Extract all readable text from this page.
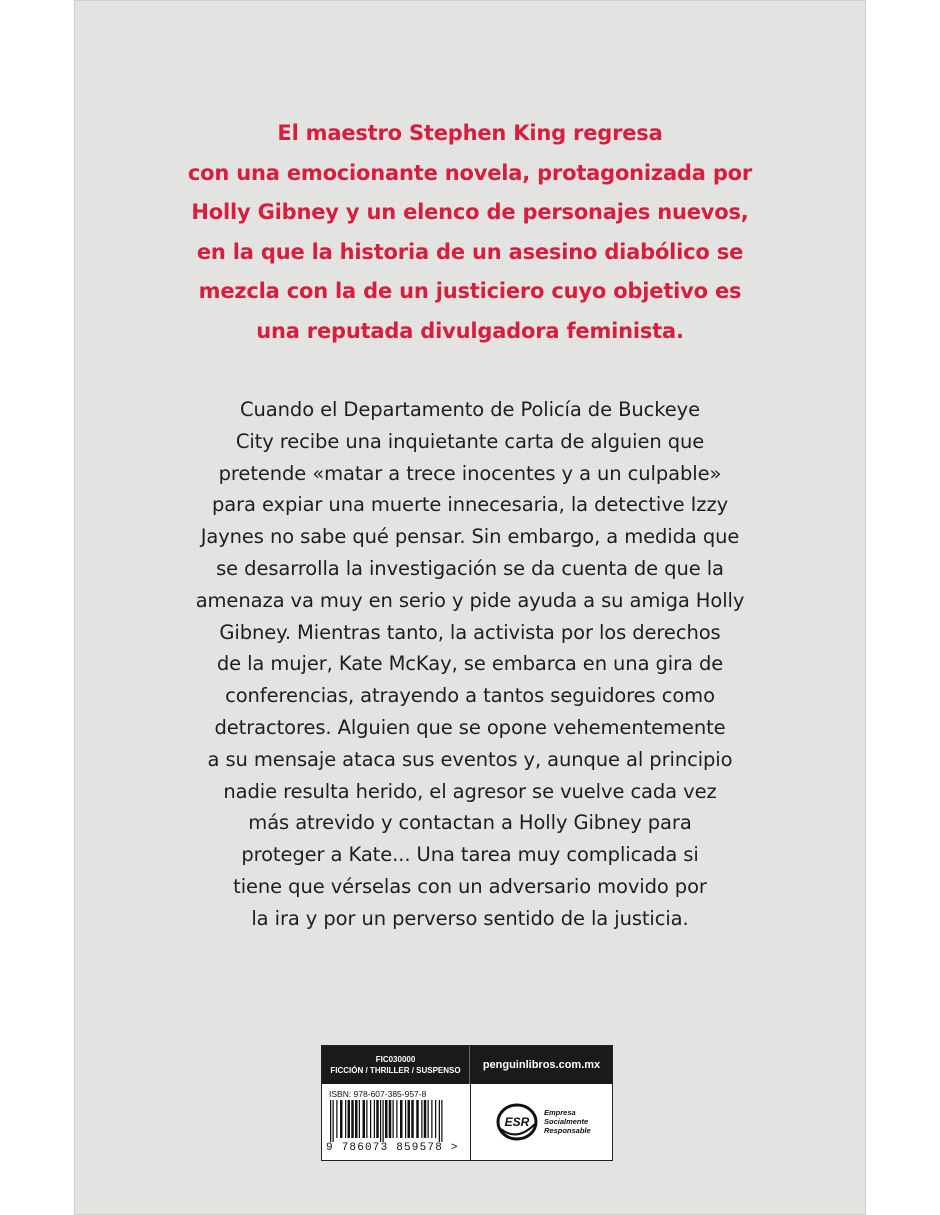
El maestro Stephen King regresa
con una emocionante novela, protagonizada por
Holly Gibney y un elenco de personajes nuevos,
en la que la historia de un asesino diabólico se
mezcla con la de un justiciero cuyo objetivo es
una reputada divulgadora feminista.
Cuando el Departamento de Policía de Buckeye
City recibe una inquietante carta de alguien que
pretende «matar a trece inocentes y a un culpable»
para expiar una muerte innecesaria, la detective Izzy
Jaynes no sabe qué pensar. Sin embargo, a medida que
se desarrolla la investigación se da cuenta de que la
amenaza va muy en serio y pide ayuda a su amiga Holly
Gibney. Mientras tanto, la activista por los derechos
de la mujer, Kate McKay, se embarca en una gira de
conferencias, atrayendo a tantos seguidores como
detractores. Alguien que se opone vehementemente
a su mensaje ataca sus eventos y, aunque al principio
nadie resulta herido, el agresor se vuelve cada vez
más atrevido y contactan a Holly Gibney para
proteger a Kate... Una tarea muy complicada si
tiene que vérselas con un adversario movido por
la ira y por un perverso sentido de la justicia.
FIC030000
FICCIÓN / THRILLER / SUSPENSO	penguinlibros.com.mx
ISBN: 978-607-385-957-8
9 786073 859578 >
ESR
Empresa
Socialmente
Responsable
